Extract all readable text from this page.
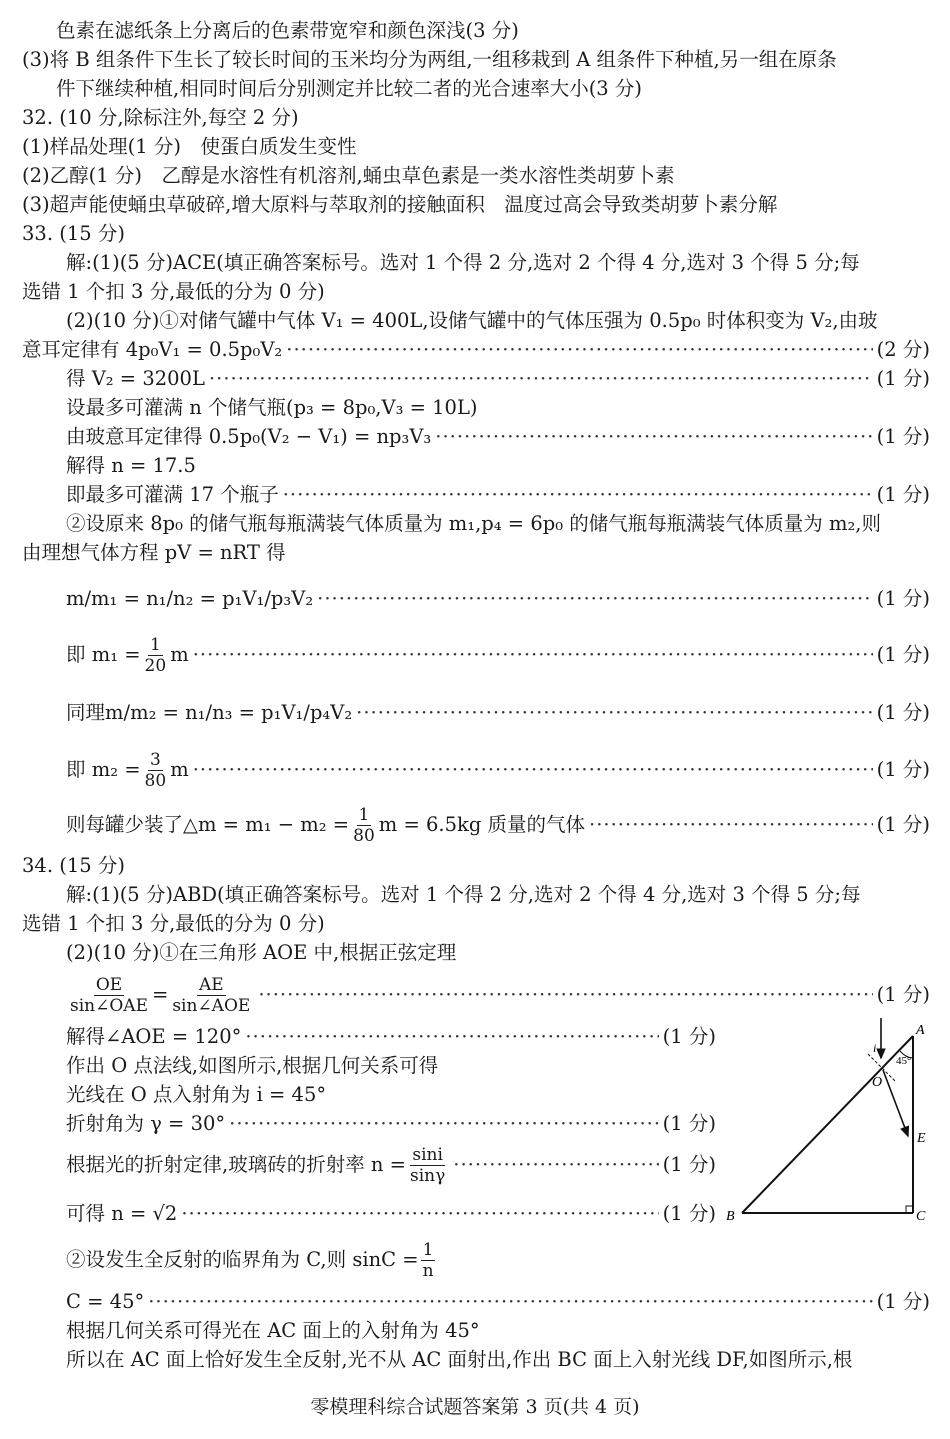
色素在滤纸条上分离后的色素带宽窄和颜色深浅(3 分)
(3)将 B 组条件下生长了较长时间的玉米均分为两组,一组移栽到 A 组条件下种植,另一组在原条
件下继续种植,相同时间后分别测定并比较二者的光合速率大小(3 分)
32. (10 分,除标注外,每空 2 分)
(1)样品处理(1 分)　使蛋白质发生变性
(2)乙醇(1 分)　乙醇是水溶性有机溶剂,蛹虫草色素是一类水溶性类胡萝卜素
(3)超声能使蛹虫草破碎,增大原料与萃取剂的接触面积　温度过高会导致类胡萝卜素分解
33. (15 分)
解:(1)(5 分)ACE(填正确答案标号。选对 1 个得 2 分,选对 2 个得 4 分,选对 3 个得 5 分;每
选错 1 个扣 3 分,最低的分为 0 分)
(2)(10 分)①对储气罐中气体 V₁ = 400L,设储气罐中的气体压强为 0.5p₀ 时体积变为 V₂,由玻
意耳定律有 4p₀V₁ = 0.5p₀V₂ ·····	(2 分)
得 V₂ = 3200L ·····	(1 分)
设最多可灌满 n 个储气瓶(p₃ = 8p₀,V₃ = 10L)
由玻意耳定律得 0.5p₀(V₂ − V₁) = np₃V₃ ·····	(1 分)
解得 n = 17.5
即最多可灌满 17 个瓶子 ·····	(1 分)
②设原来 8p₀ 的储气瓶每瓶满装气体质量为 m₁,p₄ = 6p₀ 的储气瓶每瓶满装气体质量为 m₂,则
由理想气体方程 pV = nRT 得
m/m₁ = n₁/n₂ = p₁V₁/p₃V₂ ·····	(1 分)
即 $m_1 = \frac{1}{20}$ m ·····	(1 分)
同理 m/m₂ = n₁/n₃ = p₁V₁/p₄V₂ ·····	(1 分)
即 $m_2 = \frac{3}{80}$ m ·····	(1 分)
则每罐少装了△m = $m_1 - m_2 = \frac{1}{80}$ m = 6.5kg 质量的气体 ·····	(1 分)
34. (15 分)
解:(1)(5 分)ABD(填正确答案标号。选对 1 个得 2 分,选对 2 个得 4 分,选对 3 个得 5 分;每
选错 1 个扣 3 分,最低的分为 0 分)
(2)(10 分)①在三角形 AOE 中,根据正弦定理
$\frac{OE}{\text{sin∠OAE}} = \frac{AE}{\text{sin∠AOE}}$ ·····	(1 分)
解得∠AOE = 120° ·····	(1 分)
作出 O 点法线,如图所示,根据几何关系可得
光线在 O 点入射角为 i = 45°
折射角为 γ = 30° ·····	(1 分)
根据光的折射定律,玻璃砖的折射率 $n = \frac{\sin i}{\sin\gamma}$ ·····	(1 分)
可得 n = √2 ·····	(1 分)
②设发生全反射的临界角为 C,则 $\sin C = \frac{1}{n}$
C = 45° ·····	(1 分)
根据几何关系可得光在 AC 面上的入射角为 45°
所以在 AC 面上恰好发生全反射,光不从 AC 面射出,作出 BC 面上入射光线 DF,如图所示,根
A
B	C
E
O
i
45°
零模理科综合试题答案第 3 页(共 4 页)
